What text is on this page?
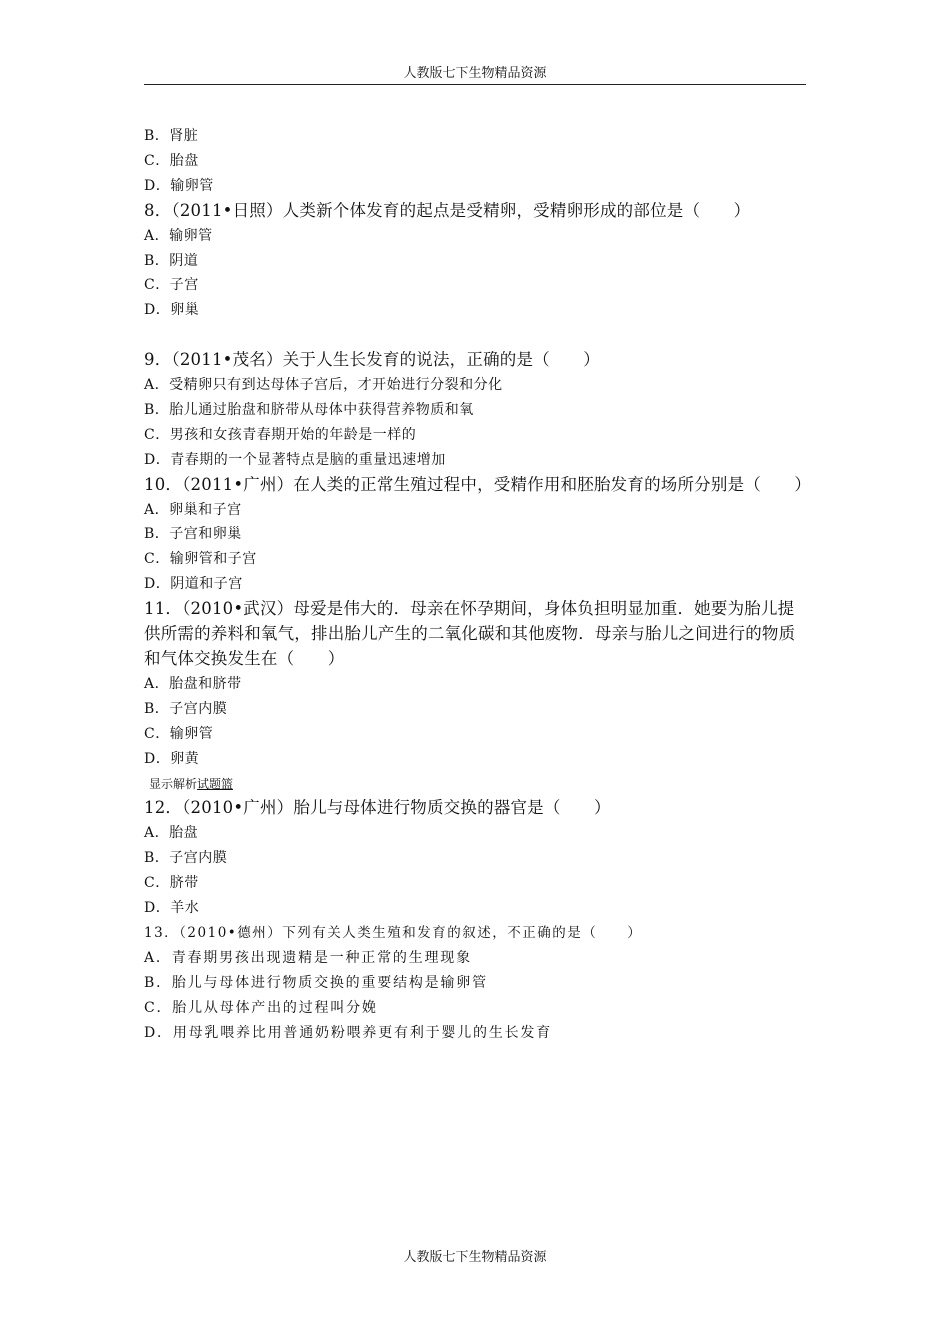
人教版七下生物精品资源
B．肾脏
C．胎盘
D．输卵管
8．（2011•日照）人类新个体发育的起点是受精卵，受精卵形成的部位是（　　）
A．输卵管
B．阴道
C．子宫
D．卵巢
9．（2011•茂名）关于人生长发育的说法，正确的是（　　）
A．受精卵只有到达母体子宫后，才开始进行分裂和分化
B．胎儿通过胎盘和脐带从母体中获得营养物质和氧
C．男孩和女孩青春期开始的年龄是一样的
D．青春期的一个显著特点是脑的重量迅速增加
10．（2011•广州）在人类的正常生殖过程中，受精作用和胚胎发育的场所分别是（　　）
A．卵巢和子宫
B．子宫和卵巢
C．输卵管和子宫
D．阴道和子宫
11．（2010•武汉）母爱是伟大的．母亲在怀孕期间，身体负担明显加重．她要为胎儿提供所需的养料和氧气，排出胎儿产生的二氧化碳和其他废物．母亲与胎儿之间进行的物质和气体交换发生在（　　）
A．胎盘和脐带
B．子宫内膜
C．输卵管
D．卵黄
显示解析试题篮
12．（2010•广州）胎儿与母体进行物质交换的器官是（　　）
A．胎盘
B．子宫内膜
C．脐带
D．羊水
13．（2010•德州）下列有关人类生殖和发育的叙述，不正确的是（　　）
A．青春期男孩出现遗精是一种正常的生理现象
B．胎儿与母体进行物质交换的重要结构是输卵管
C．胎儿从母体产出的过程叫分娩
D．用母乳喂养比用普通奶粉喂养更有利于婴儿的生长发育
人教版七下生物精品资源
